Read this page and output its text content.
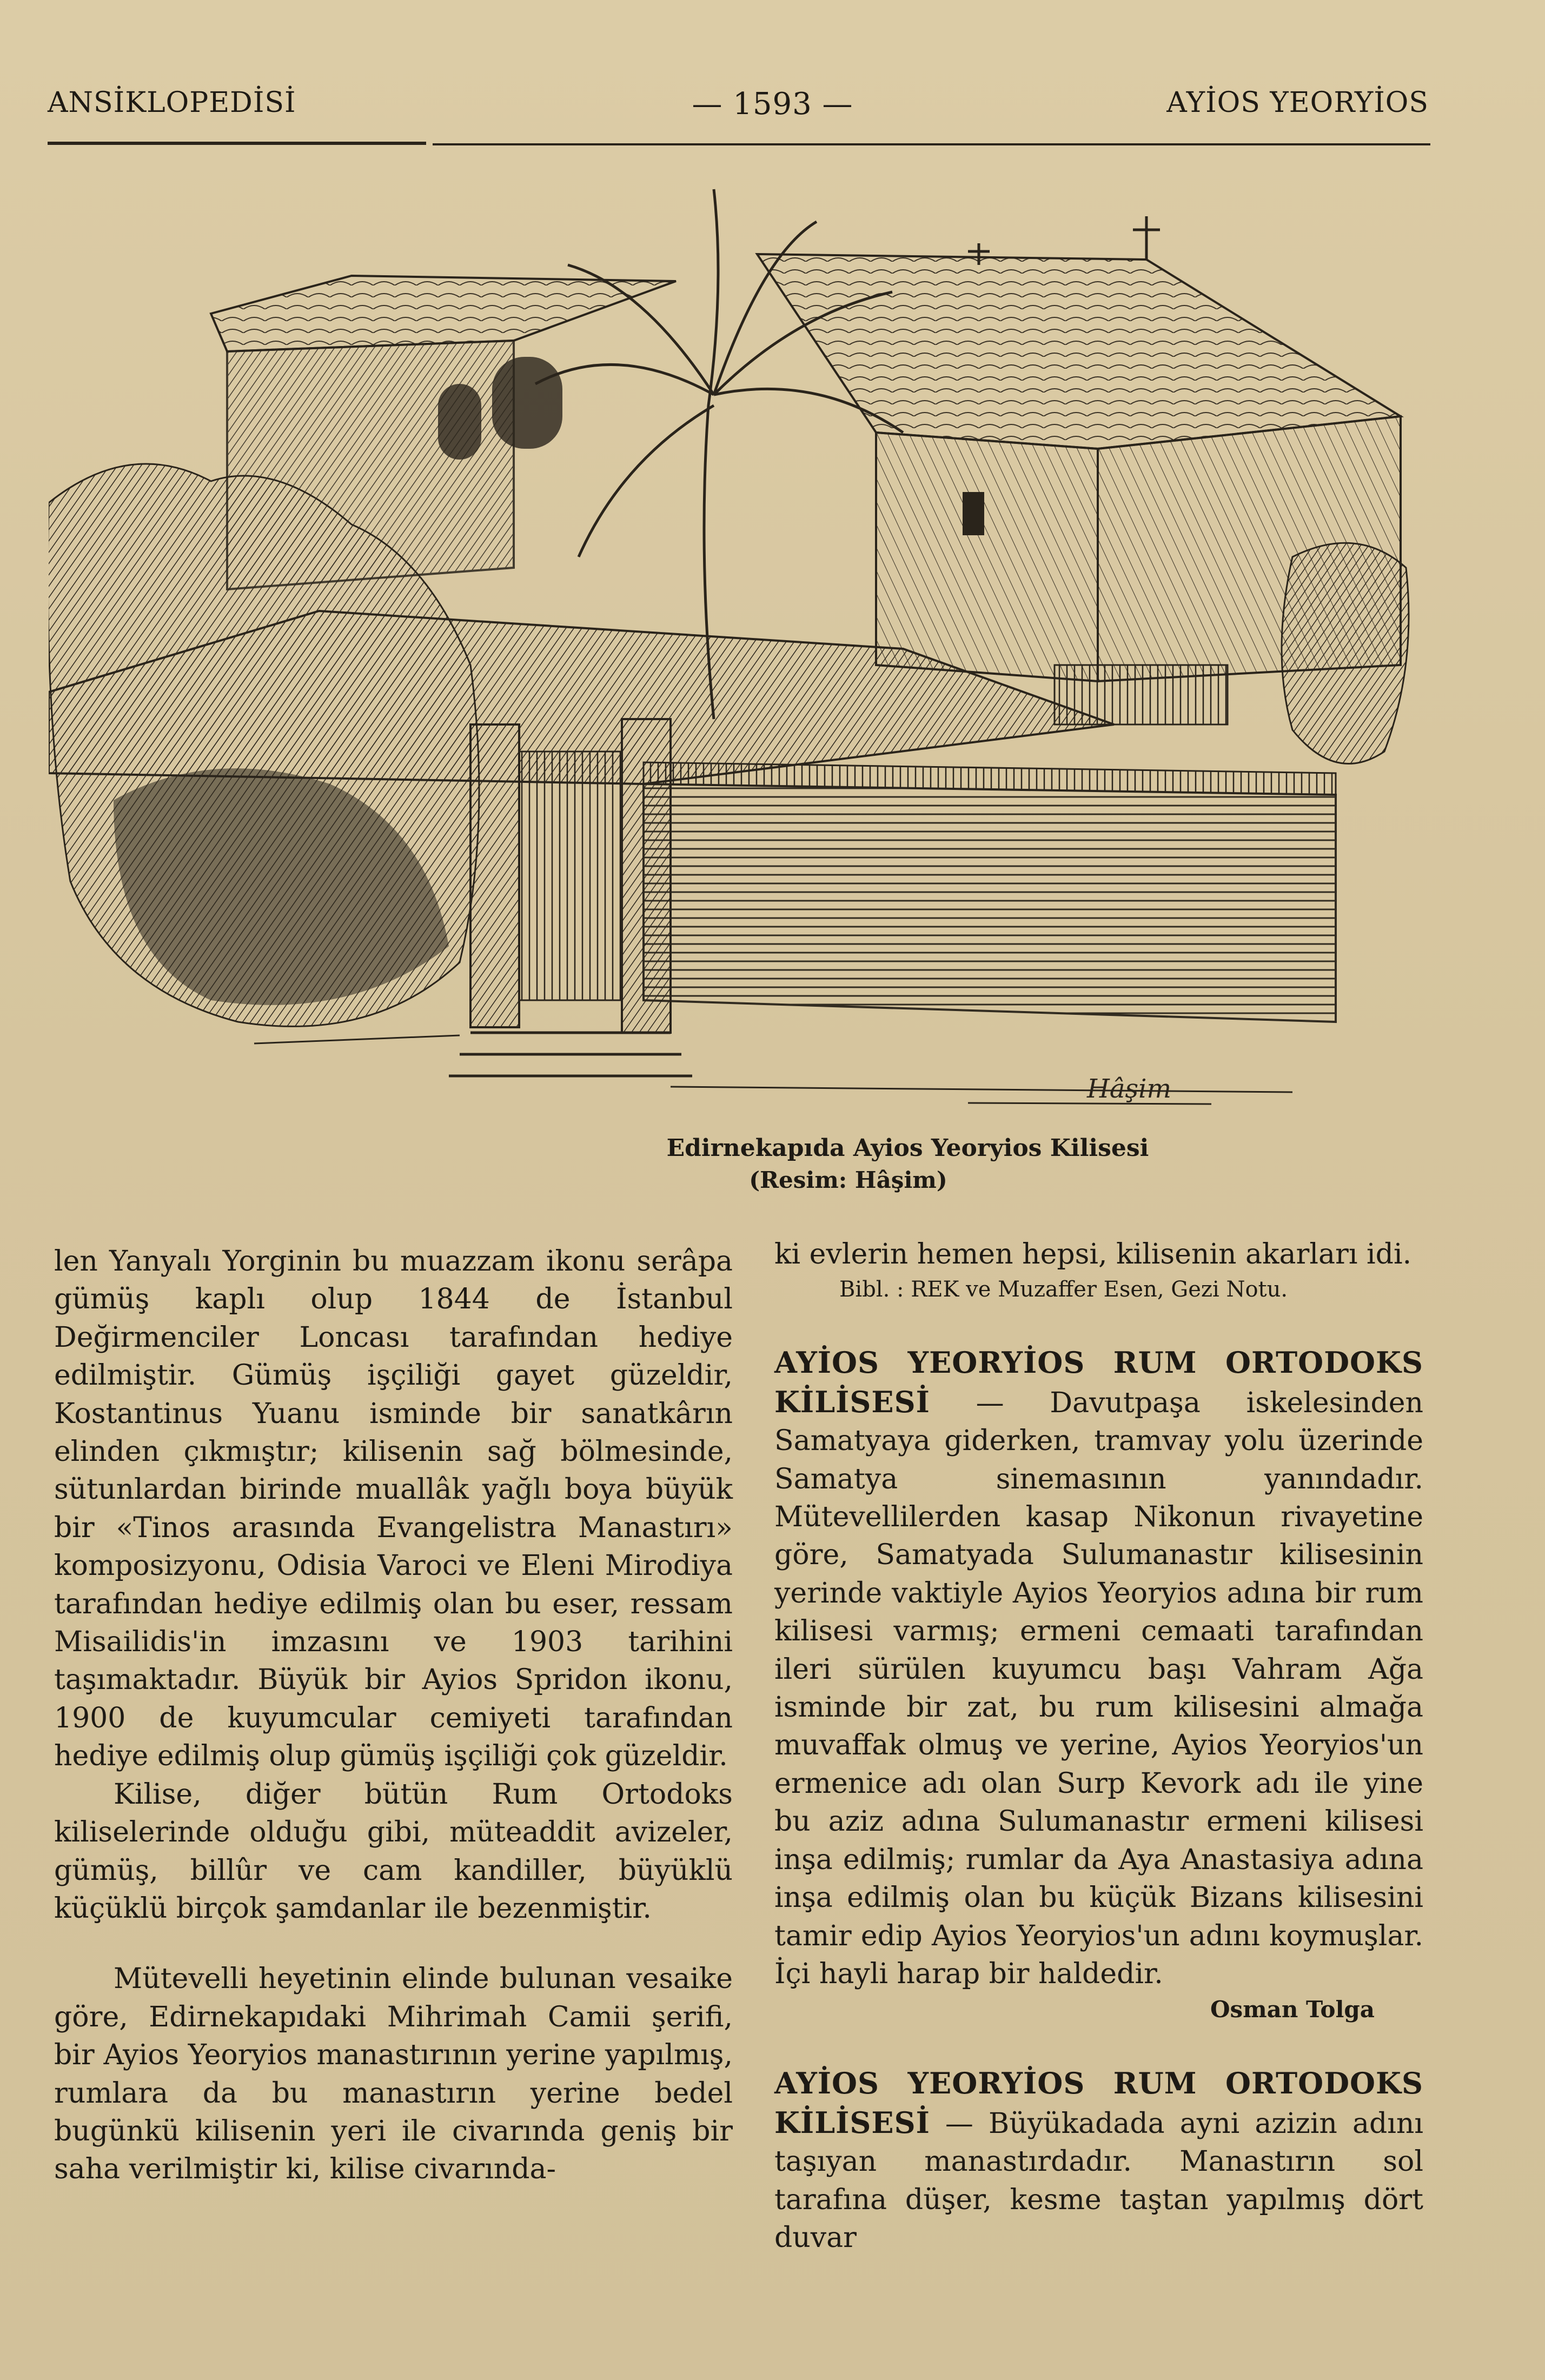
ANSİKLOPEDİSİ	— 1593 —	AYİOS YEORYİOS
Hâşim
Edirnekapıda Ayios Yeoryios Kilisesi
(Resim: Hâşim)

len Yanyalı Yorginin bu muazzam ikonu serâpa gümüş kaplı olup 1844 de İstanbul Değirmenciler Loncası tarafından hediye edilmiştir. Gümüş işçiliği gayet güzeldir, Kostantinus Yuanu isminde bir sanatkârın elinden çıkmıştır; kilisenin sağ bölmesinde, sütunlardan birinde muallâk yağlı boya büyük bir «Tinos arasında Evangelistra Manastırı» komposizyonu, Odisia Varoci ve Eleni Mirodiya tarafından hediye edilmiş olan bu eser, ressam Misailidis'in imzasını ve 1903 tarihini taşımaktadır. Büyük bir Ayios Spridon ikonu, 1900 de kuyumcular cemiyeti tarafından hediye edilmiş olup gümüş işçiliği çok güzeldir.

Kilise, diğer bütün Rum Ortodoks kiliselerinde olduğu gibi, müteaddit avizeler, gümüş, billûr ve cam kandiller, büyüklü küçüklü birçok şamdanlar ile bezenmiştir.

Mütevelli heyetinin elinde bulunan vesaike göre, Edirnekapıdaki Mihrimah Camii şerifi, bir Ayios Yeoryios manastırının yerine yapılmış, rumlara da bu manastırın yerine bedel bugünkü kilisenin yeri ile civarında geniş bir saha verilmiştir ki, kilise civarında-

ki evlerin hemen hepsi, kilisenin akarları idi.

Bibl. : REK ve Muzaffer Esen, Gezi Notu.

AYİOS YEORYİOS RUM ORTODOKS KİLİSESİ — Davutpaşa iskelesinden Samatyaya giderken, tramvay yolu üzerinde Samatya sinemasının yanındadır. Mütevellilerden kasap Nikonun rivayetine göre, Samatyada Sulumanastır kilisesinin yerinde vaktiyle Ayios Yeoryios adına bir rum kilisesi varmış; ermeni cemaati tarafından ileri sürülen kuyumcu başı Vahram Ağa isminde bir zat, bu rum kilisesini almağa muvaffak olmuş ve yerine, Ayios Yeoryios'un ermenice adı olan Surp Kevork adı ile yine bu aziz adına Sulumanastır ermeni kilisesi inşa edilmiş; rumlar da Aya Anastasiya adına inşa edilmiş olan bu küçük Bizans kilisesini tamir edip Ayios Yeoryios'un adını koymuşlar. İçi hayli harap bir haldedir.

Osman Tolga

AYİOS YEORYİOS RUM ORTODOKS KİLİSESİ — Büyükadada ayni azizin adını taşıyan manastırdadır. Manastırın sol tarafına düşer, kesme taştan yapılmış dört duvar
